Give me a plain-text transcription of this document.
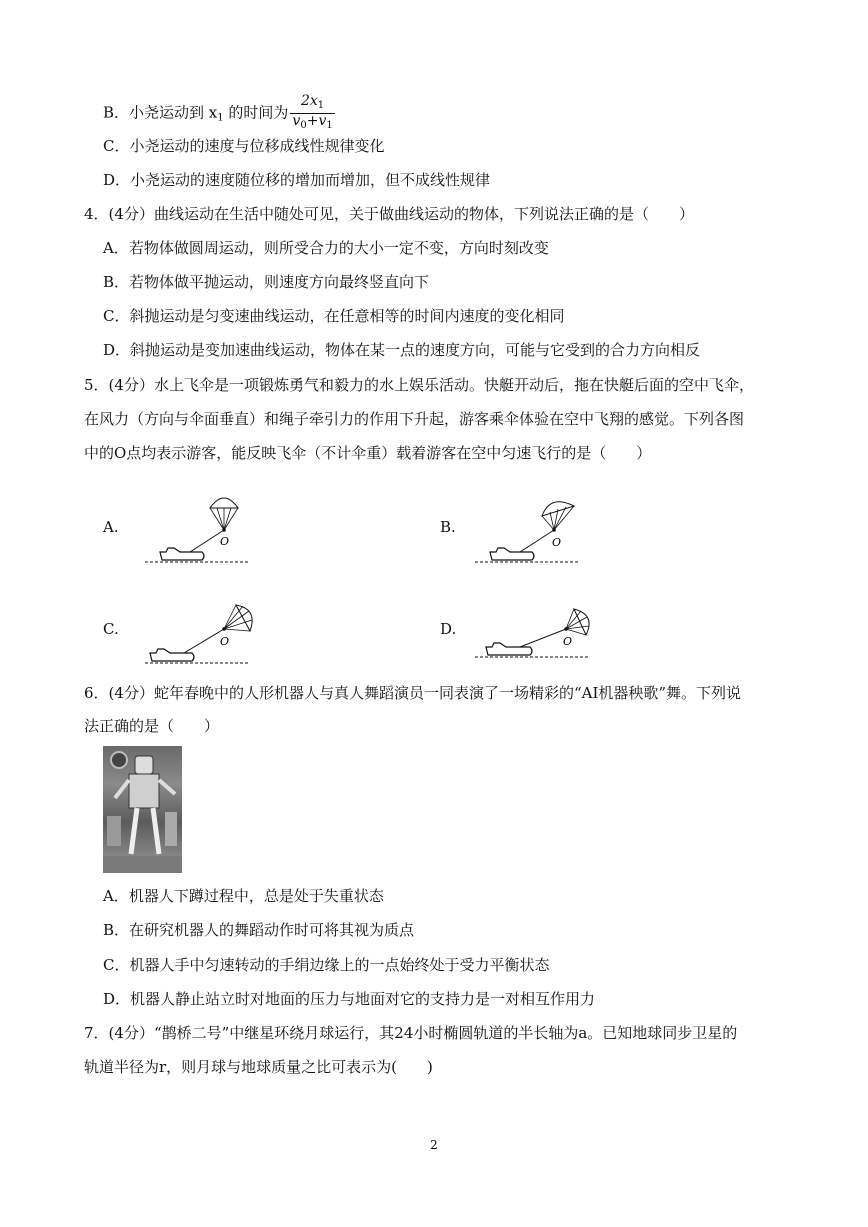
B．小尧运动到 $x_1$ 的时间为 $\frac{2x_1}{v_0+v_1}$
C．小尧运动的速度与位移成线性规律变化
D．小尧运动的速度随位移的增加而增加，但不成线性规律
4．(4分）曲线运动在生活中随处可见，关于做曲线运动的物体，下列说法正确的是（　　）
A．若物体做圆周运动，则所受合力的大小一定不变，方向时刻改变
B．若物体做平抛运动，则速度方向最终竖直向下
C．斜抛运动是匀变速曲线运动，在任意相等的时间内速度的变化相同
D．斜抛运动是变加速曲线运动，物体在某一点的速度方向，可能与它受到的合力方向相反
5．(4分）水上飞伞是一项锻炼勇气和毅力的水上娱乐活动。快艇开动后，拖在快艇后面的空中飞伞，
在风力（方向与伞面垂直）和绳子牵引力的作用下升起，游客乘伞体验在空中飞翔的感觉。下列各图
中的O点均表示游客，能反映飞伞（不计伞重）载着游客在空中匀速飞行的是（　　）
A.
O
B.
O
C.
O
D.
O
6．(4分）蛇年春晚中的人形机器人与真人舞蹈演员一同表演了一场精彩的“AI机器秧歌”舞。下列说
法正确的是（　　）
A．机器人下蹲过程中，总是处于失重状态
B．在研究机器人的舞蹈动作时可将其视为质点
C．机器人手中匀速转动的手绢边缘上的一点始终处于受力平衡状态
D．机器人静止站立时对地面的压力与地面对它的支持力是一对相互作用力
7．(4分）“鹊桥二号”中继星环绕月球运行，其24小时椭圆轨道的半长轴为a。已知地球同步卫星的
轨道半径为r，则月球与地球质量之比可表示为(　　)
2
